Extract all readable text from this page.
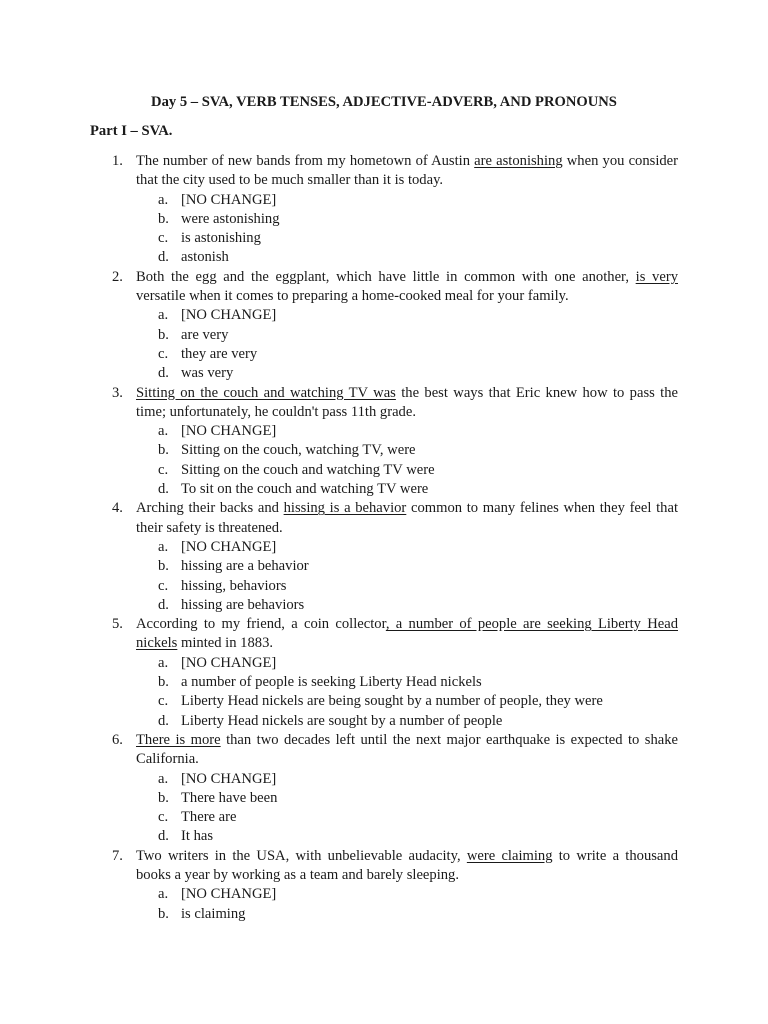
Day 5 – SVA, VERB TENSES, ADJECTIVE-ADVERB, AND PRONOUNS
Part I – SVA.
1. The number of new bands from my hometown of Austin are astonishing when you consider that the city used to be much smaller than it is today.
a. [NO CHANGE]
b. were astonishing
c. is astonishing
d. astonish
2. Both the egg and the eggplant, which have little in common with one another, is very versatile when it comes to preparing a home-cooked meal for your family.
a. [NO CHANGE]
b. are very
c. they are very
d. was very
3. Sitting on the couch and watching TV was the best ways that Eric knew how to pass the time; unfortunately, he couldn't pass 11th grade.
a. [NO CHANGE]
b. Sitting on the couch, watching TV, were
c. Sitting on the couch and watching TV were
d. To sit on the couch and watching TV were
4. Arching their backs and hissing is a behavior common to many felines when they feel that their safety is threatened.
a. [NO CHANGE]
b. hissing are a behavior
c. hissing, behaviors
d. hissing are behaviors
5. According to my friend, a coin collector, a number of people are seeking Liberty Head nickels minted in 1883.
a. [NO CHANGE]
b. a number of people is seeking Liberty Head nickels
c. Liberty Head nickels are being sought by a number of people, they were
d. Liberty Head nickels are sought by a number of people
6. There is more than two decades left until the next major earthquake is expected to shake California.
a. [NO CHANGE]
b. There have been
c. There are
d. It has
7. Two writers in the USA, with unbelievable audacity, were claiming to write a thousand books a year by working as a team and barely sleeping.
a. [NO CHANGE]
b. is claiming
